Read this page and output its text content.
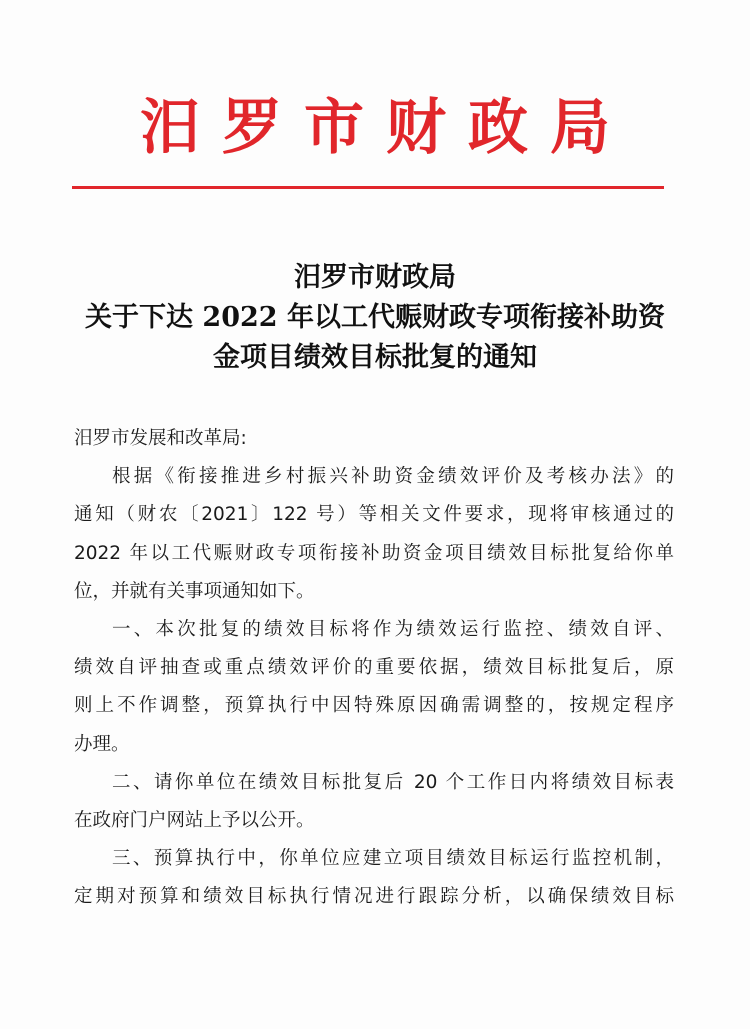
汨罗市财政局
汨罗市财政局
关于下达 2022 年以工代赈财政专项衔接补助资
金项目绩效目标批复的通知

汨罗市发展和改革局:

根据《衔接推进乡村振兴补助资金绩效评价及考核办法》的
通知（财农〔2021〕122 号）等相关文件要求，现将审核通过的
2022 年以工代赈财政专项衔接补助资金项目绩效目标批复给你单
位，并就有关事项通知如下。

一、本次批复的绩效目标将作为绩效运行监控、绩效自评、
绩效自评抽查或重点绩效评价的重要依据，绩效目标批复后，原
则上不作调整，预算执行中因特殊原因确需调整的，按规定程序
办理。

二、请你单位在绩效目标批复后 20 个工作日内将绩效目标表
在政府门户网站上予以公开。

三、预算执行中，你单位应建立项目绩效目标运行监控机制，
定期对预算和绩效目标执行情况进行跟踪分析，以确保绩效目标
